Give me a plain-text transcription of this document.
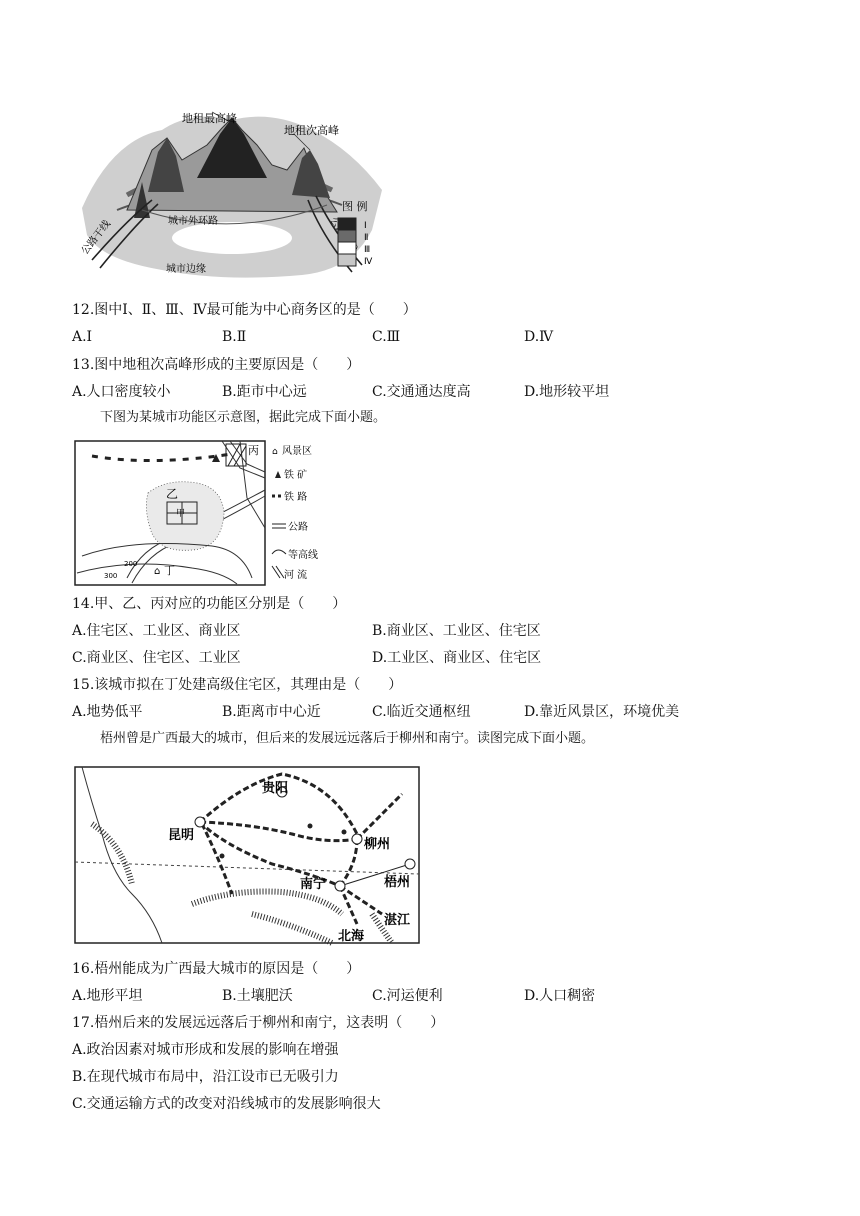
地租最高峰
地租次高峰
城市外环路
城市边缘
公路干线
图 例
Ⅰ
Ⅱ
Ⅲ
Ⅳ
12.图中Ⅰ、Ⅱ、Ⅲ、Ⅳ最可能为中心商务区的是（　　）
A.Ⅰ	B.Ⅱ	C.Ⅲ	D.Ⅳ
13.图中地租次高峰形成的主要原因是（　　）
A.人口密度较小	B.距市中心远	C.交通通达度高	D.地形较平坦
下图为某城市功能区示意图，据此完成下面小题。
200
300
丙
乙
甲
丁
⌂
⌂ 风景区
铁 矿
铁 路
公路
等高线
河 流
14.甲、乙、丙对应的功能区分别是（　　）
A.住宅区、工业区、商业区	B.商业区、工业区、住宅区
C.商业区、住宅区、工业区	D.工业区、商业区、住宅区
15.该城市拟在丁处建高级住宅区，其理由是（　　）
A.地势低平	B.距离市中心近	C.临近交通枢纽	D.靠近风景区，环境优美
梧州曾是广西最大的城市，但后来的发展远远落后于柳州和南宁。读图完成下面小题。
贵阳
昆明
柳州
梧州
南宁
湛江
北海
16.梧州能成为广西最大城市的原因是（　　）
A.地形平坦	B.土壤肥沃	C.河运便利	D.人口稠密
17.梧州后来的发展远远落后于柳州和南宁，这表明（　　）
A.政治因素对城市形成和发展的影响在增强
B.在现代城市布局中，沿江设市已无吸引力
C.交通运输方式的改变对沿线城市的发展影响很大
